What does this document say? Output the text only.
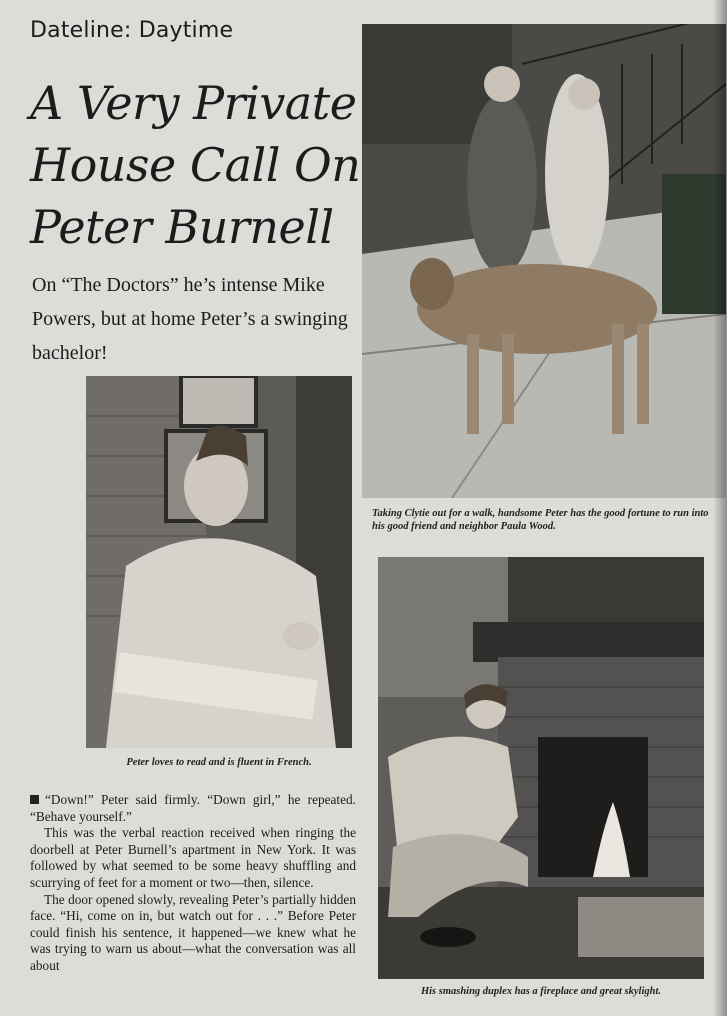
Dateline: Daytime
A Very Private
House Call On
Peter Burnell
On “The Doctors” he’s intense Mike Powers, but at home Peter’s a swinging bachelor!
Taking Clytie out for a walk, handsome Peter has the good fortune to run into his good friend and neighbor Paula Wood.
Peter loves to read and is fluent in French.
His smashing duplex has a fireplace and great skylight.

“Down!” Peter said firmly. “Down girl,” he repeated. “Behave yourself.”

This was the verbal reaction received when ringing the doorbell at Peter Burnell’s apartment in New York. It was followed by what seemed to be some heavy shuffling and scurrying of feet for a moment or two—then, silence.

The door opened slowly, revealing Peter’s partially hidden face. “Hi, come on in, but watch out for . . .” Before Peter could finish his sentence, it happened—we knew what he was trying to warn us about—what the conversation was all about
